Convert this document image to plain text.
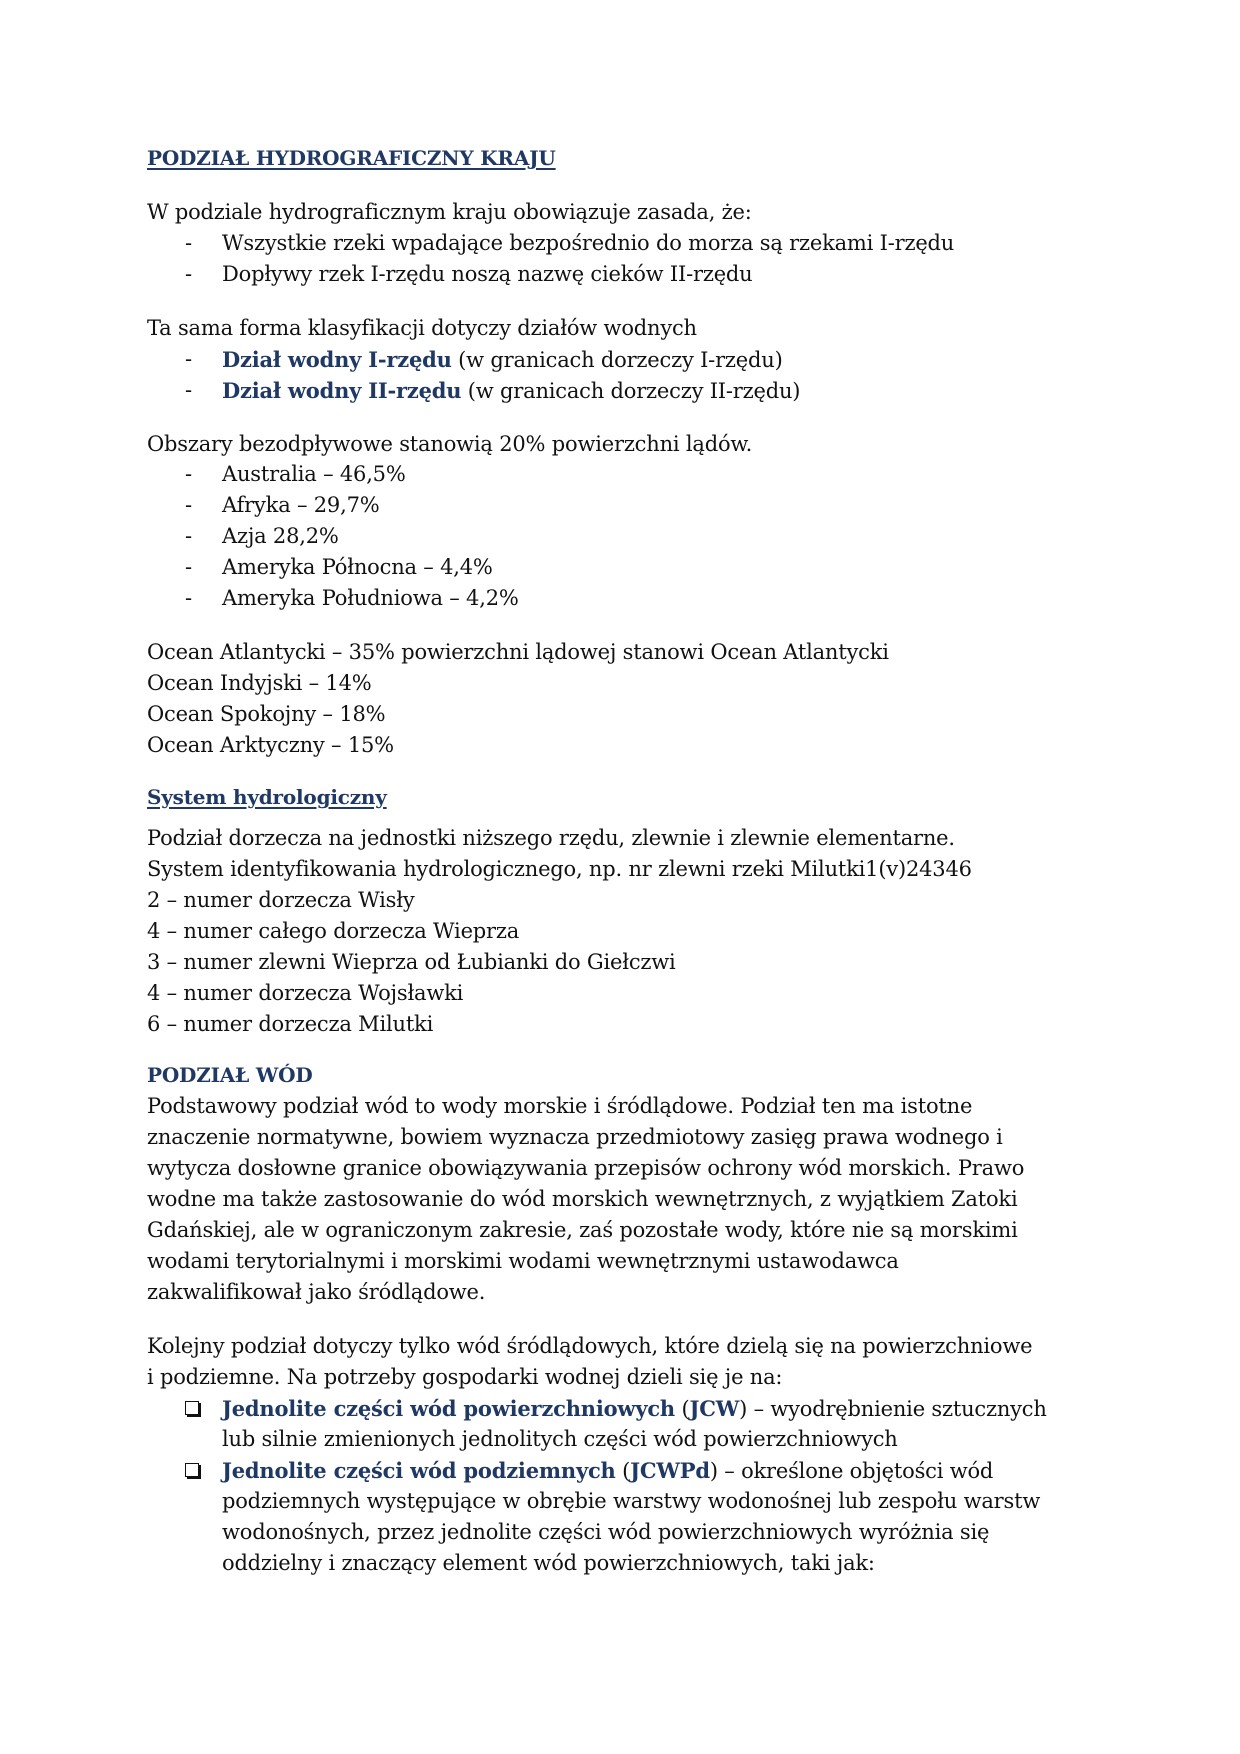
PODZIAŁ HYDROGRAFICZNY KRAJU
W podziale hydrograficznym kraju obowiązuje zasada, że:
- Wszystkie rzeki wpadające bezpośrednio do morza są rzekami I-rzędu
- Dopływy rzek I-rzędu noszą nazwę cieków II-rzędu
Ta sama forma klasyfikacji dotyczy działów wodnych
- Dział wodny I-rzędu (w granicach dorzeczy I-rzędu)
- Dział wodny II-rzędu (w granicach dorzeczy II-rzędu)
Obszary bezodpływowe stanowią 20% powierzchni lądów.
- Australia – 46,5%
- Afryka – 29,7%
- Azja 28,2%
- Ameryka Północna – 4,4%
- Ameryka Południowa – 4,2%
Ocean Atlantycki – 35% powierzchni lądowej stanowi Ocean Atlantycki
Ocean Indyjski – 14%
Ocean Spokojny – 18%
Ocean Arktyczny – 15%
System hydrologiczny
Podział dorzecza na jednostki niższego rzędu, zlewnie i zlewnie elementarne.
System identyfikowania hydrologicznego, np. nr zlewni rzeki Milutki1(v)24346
2 – numer dorzecza Wisły
4 – numer całego dorzecza Wieprza
3 – numer zlewni Wieprza od Łubianki do Giełczwi
4 – numer dorzecza Wojsławki
6 – numer dorzecza Milutki
PODZIAŁ WÓD
Podstawowy podział wód to wody morskie i śródlądowe. Podział ten ma istotne
znaczenie normatywne, bowiem wyznacza przedmiotowy zasięg prawa wodnego i
wytycza dosłowne granice obowiązywania przepisów ochrony wód morskich. Prawo
wodne ma także zastosowanie do wód morskich wewnętrznych, z wyjątkiem Zatoki
Gdańskiej, ale w ograniczonym zakresie, zaś pozostałe wody, które nie są morskimi
wodami terytorialnymi i morskimi wodami wewnętrznymi ustawodawca
zakwalifikował jako śródlądowe.
Kolejny podział dotyczy tylko wód śródlądowych, które dzielą się na powierzchniowe
i podziemne. Na potrzeby gospodarki wodnej dzieli się je na:
Jednolite części wód powierzchniowych (JCW) – wyodrębnienie sztucznych
lub silnie zmienionych jednolitych części wód powierzchniowych
Jednolite części wód podziemnych (JCWPd) – określone objętości wód
podziemnych występujące w obrębie warstwy wodonośnej lub zespołu warstw
wodonośnych, przez jednolite części wód powierzchniowych wyróżnia się
oddzielny i znaczący element wód powierzchniowych, taki jak:
